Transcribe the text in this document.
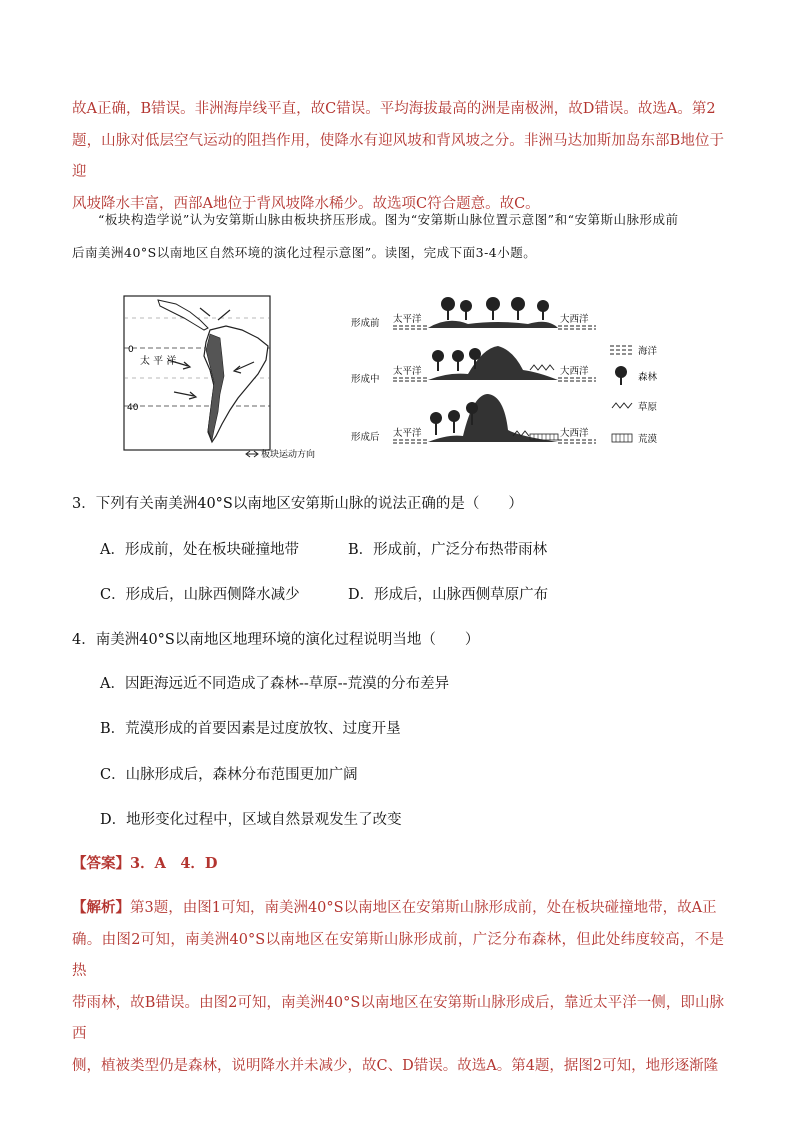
故A正确，B错误。非洲海岸线平直，故C错误。平均海拔最高的洲是南极洲，故D错误。故选A。第2
题，山脉对低层空气运动的阻挡作用，使降水有迎风坡和背风坡之分。非洲马达加斯加岛东部B地位于迎
风坡降水丰富，西部A地位于背风坡降水稀少。故选项C符合题意。故C。
“板块构造学说”认为安第斯山脉由板块挤压形成。图为“安第斯山脉位置示意图”和“安第斯山脉形成前
后南美洲40°S以南地区自然环境的演化过程示意图”。读图，完成下面3-4小题。
0
40
太 平 洋	安第斯山脉
板块运动方向
形成前 太平洋	大西洋
形成中
太平洋	大西洋
形成后 太平洋	大西洋
海洋
森林
草原
荒漠
3．下列有关南美洲40°S以南地区安第斯山脉的说法正确的是（　　）
A．形成前，处在板块碰撞地带	B．形成前，广泛分布热带雨林
C．形成后，山脉西侧降水减少	D．形成后，山脉西侧草原广布
4．南美洲40°S以南地区地理环境的演化过程说明当地（　　）
A．因距海远近不同造成了森林--草原--荒漠的分布差异
B．荒漠形成的首要因素是过度放牧、过度开垦
C．山脉形成后，森林分布范围更加广阔
D．地形变化过程中，区域自然景观发生了改变
【答案】3．A　4．D
【解析】第3题，由图1可知，南美洲40°S以南地区在安第斯山脉形成前，处在板块碰撞地带，故A正
确。由图2可知，南美洲40°S以南地区在安第斯山脉形成前，广泛分布森林，但此处纬度较高，不是热
带雨林，故B错误。由图2可知，南美洲40°S以南地区在安第斯山脉形成后，靠近太平洋一侧，即山脉西
侧，植被类型仍是森林，说明降水并未减少，故C、D错误。故选A。第4题，据图2可知，地形逐渐隆
